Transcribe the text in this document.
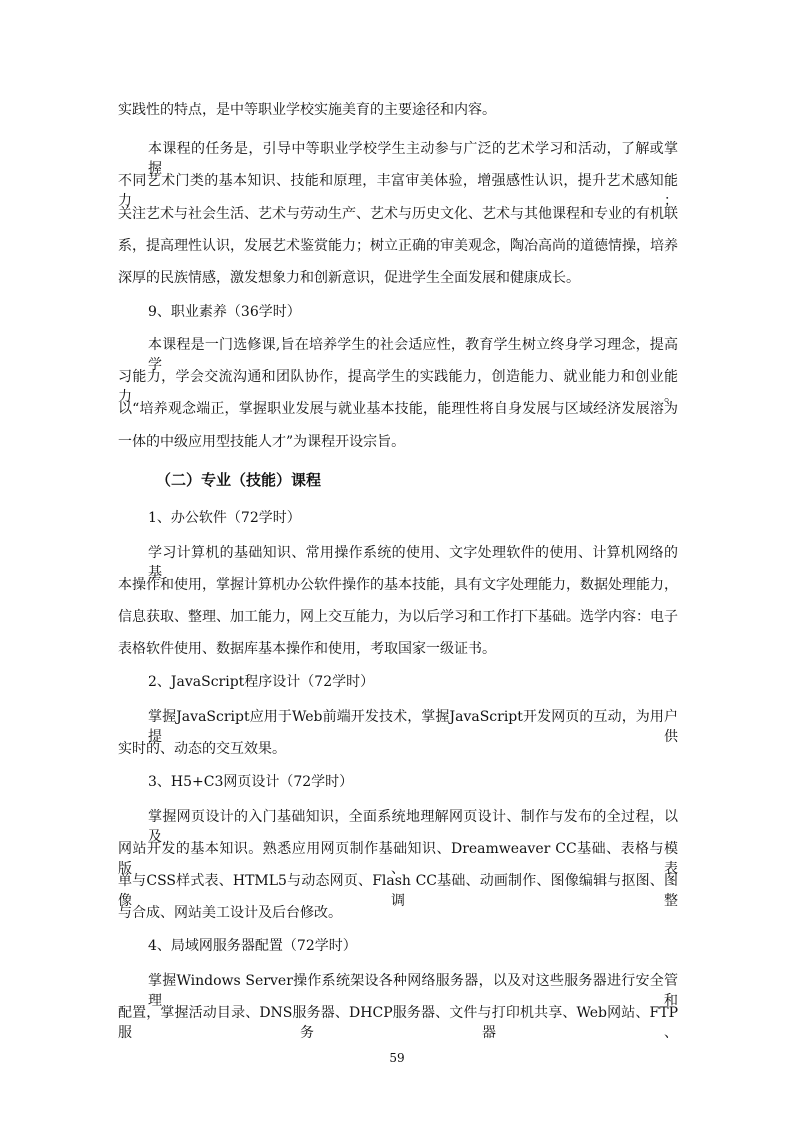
实践性的特点，是中等职业学校实施美育的主要途径和内容。
本课程的任务是，引导中等职业学校学生主动参与广泛的艺术学习和活动，了解或掌握
不同艺术门类的基本知识、技能和原理，丰富审美体验，增强感性认识，提升艺术感知能力；
关注艺术与社会生活、艺术与劳动生产、艺术与历史文化、艺术与其他课程和专业的有机联
系，提高理性认识，发展艺术鉴赏能力；树立正确的审美观念，陶冶高尚的道德情操，培养
深厚的民族情感，激发想象力和创新意识，促进学生全面发展和健康成长。
9、职业素养（36学时）
本课程是一门选修课,旨在培养学生的社会适应性，教育学生树立终身学习理念，提高学
习能力，学会交流沟通和团队协作，提高学生的实践能力，创造能力、就业能力和创业能力。
以“培养观念端正，掌握职业发展与就业基本技能，能理性将自身发展与区域经济发展溶为
一体的中级应用型技能人才”为课程开设宗旨。
（二）专业（技能）课程
1、办公软件（72学时）
学习计算机的基础知识、常用操作系统的使用、文字处理软件的使用、计算机网络的基
本操作和使用，掌握计算机办公软件操作的基本技能，具有文字处理能力，数据处理能力，
信息获取、整理、加工能力，网上交互能力，为以后学习和工作打下基础。选学内容：电子
表格软件使用、数据库基本操作和使用，考取国家一级证书。
2、JavaScript程序设计（72学时）
掌握JavaScript应用于Web前端开发技术，掌握JavaScript开发网页的互动，为用户提供
实时的、动态的交互效果。
3、H5+C3网页设计（72学时）
掌握网页设计的入门基础知识，全面系统地理解网页设计、制作与发布的全过程，以及
网站开发的基本知识。熟悉应用网页制作基础知识、Dreamweaver CC基础、表格与模版、表
单与CSS样式表、HTML5与动态网页、Flash CC基础、动画制作、图像编辑与抠图、图像调整
与合成、网站美工设计及后台修改。
4、局域网服务器配置（72学时）
掌握Windows Server操作系统架设各种网络服务器，以及对这些服务器进行安全管理和
配置，掌握活动目录、DNS服务器、DHCP服务器、文件与打印机共享、Web网站、FTP服务器、
59
